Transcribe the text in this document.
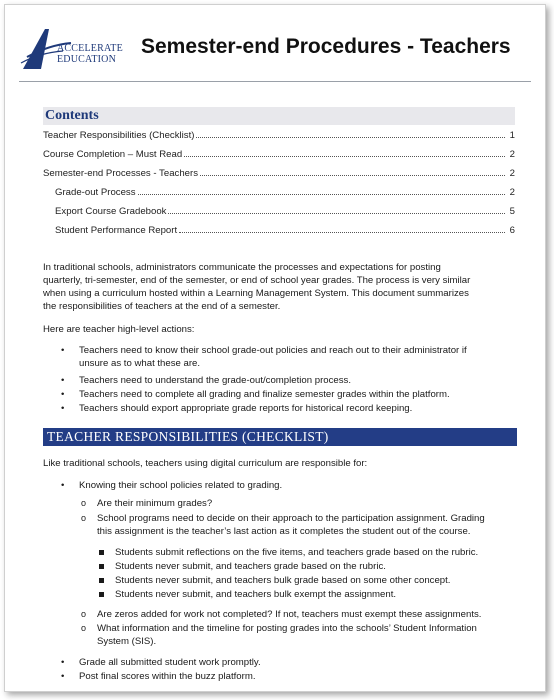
ACCELERATE
EDUCATION
Semester-end Procedures - Teachers
Contents
Teacher Responsibilities (Checklist)	1
Course Completion – Must Read	2
Semester-end Processes - Teachers	2
Grade-out Process	2
Export Course Gradebook	5
Student Performance Report	6
In traditional schools, administrators communicate the processes and expectations for posting
quarterly, tri-semester, end of the semester, or end of school year grades. The process is very similar
when using a curriculum hosted within a Learning Management System. This document summarizes
the responsibilities of teachers at the end of a semester.
Here are teacher high-level actions:
• Teachers need to know their school grade-out policies and reach out to their administrator if
unsure as to what these are.
• Teachers need to understand the grade-out/completion process.
• Teachers need to complete all grading and finalize semester grades within the platform.
• Teachers should export appropriate grade reports for historical record keeping.
TEACHER RESPONSIBILITIES (CHECKLIST)
Like traditional schools, teachers using digital curriculum are responsible for:
• Knowing their school policies related to grading.
o Are their minimum grades?
o School programs need to decide on their approach to the participation assignment. Grading
this assignment is the teacher’s last action as it completes the student out of the course.
Students submit reflections on the five items, and teachers grade based on the rubric.
Students never submit, and teachers grade based on the rubric.
Students never submit, and teachers bulk grade based on some other concept.
Students never submit, and teachers bulk exempt the assignment.
o Are zeros added for work not completed? If not, teachers must exempt these assignments.
o What information and the timeline for posting grades into the schools’ Student Information
System (SIS).
• Grade all submitted student work promptly.
• Post final scores within the buzz platform.
